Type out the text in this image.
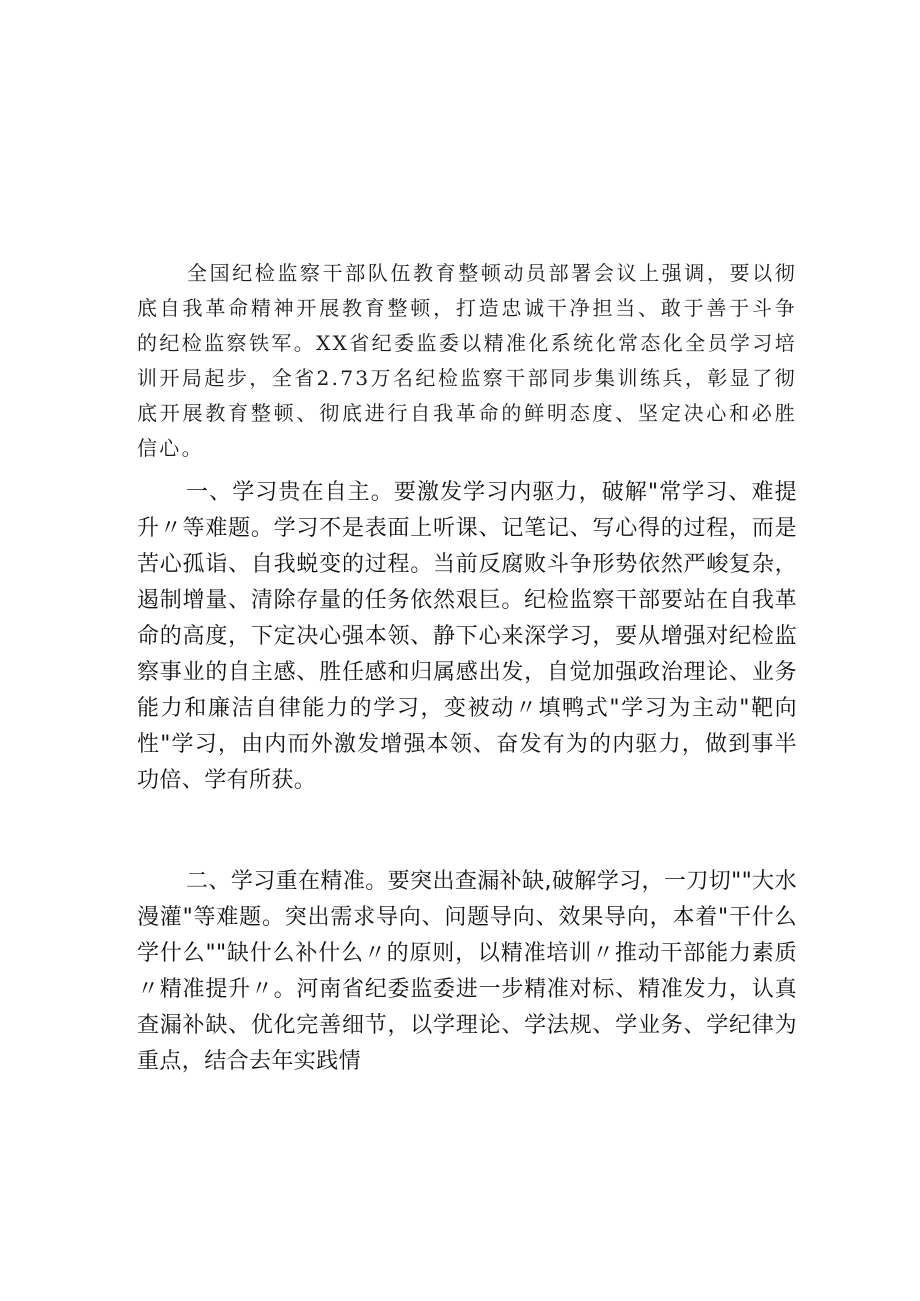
全国纪检监察干部队伍教育整顿动员部署会议上强调，要以彻底自我革命精神开展教育整顿，打造忠诚干净担当、敢于善于斗争的纪检监察铁军。XX省纪委监委以精准化系统化常态化全员学习培训开局起步，全省2.73万名纪检监察干部同步集训练兵，彰显了彻底开展教育整顿、彻底进行自我革命的鲜明态度、坚定决心和必胜信心。

一、学习贵在自主。要激发学习内驱力，破解"常学习、难提升〃等难题。学习不是表面上听课、记笔记、写心得的过程，而是苦心孤诣、自我蜕变的过程。当前反腐败斗争形势依然严峻复杂，遏制增量、清除存量的任务依然艰巨。纪检监察干部要站在自我革命的高度，下定决心强本领、静下心来深学习，要从增强对纪检监察事业的自主感、胜任感和归属感出发，自觉加强政治理论、业务能力和廉洁自律能力的学习，变被动〃填鸭式"学习为主动"靶向性"学习，由内而外激发增强本领、奋发有为的内驱力，做到事半功倍、学有所获。

二、学习重在精准。要突出查漏补缺,破解学习，一刀切""大水漫灌"等难题。突出需求导向、问题导向、效果导向，本着"干什么学什么""缺什么补什么〃的原则，以精准培训〃推动干部能力素质〃精准提升〃。河南省纪委监委进一步精准对标、精准发力，认真查漏补缺、优化完善细节，以学理论、学法规、学业务、学纪律为重点，结合去年实践情
